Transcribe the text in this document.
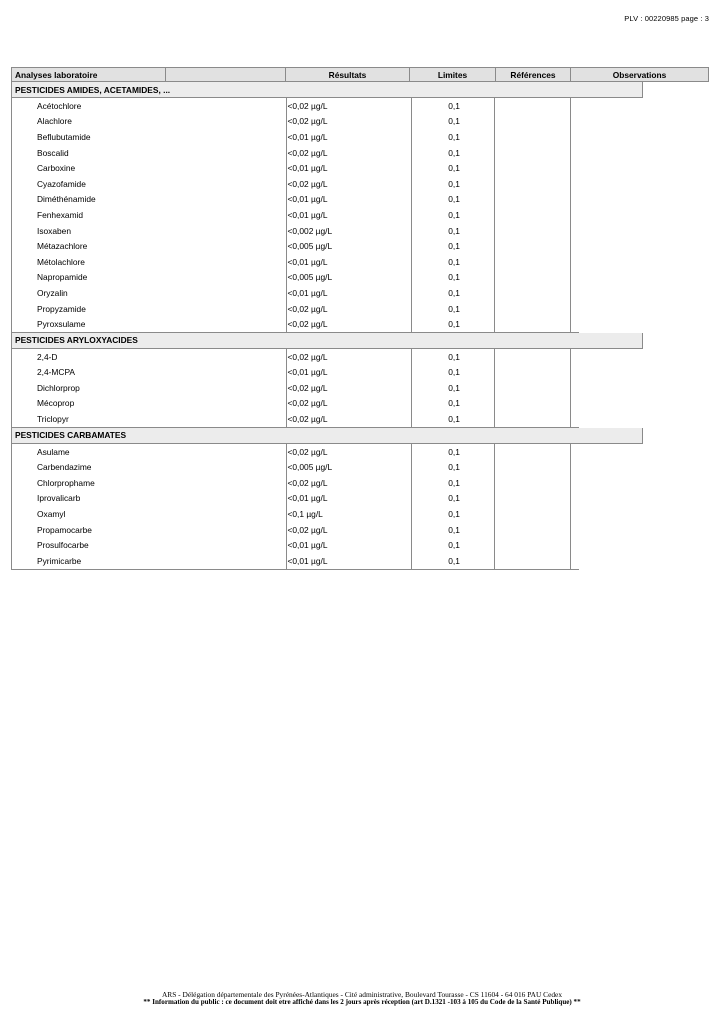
PLV : 00220985 page : 3
Analyses laboratoire	Résultats	Limites	Références	Observations
PESTICIDES AMIDES, ACETAMIDES, ...
Acétochlore	<0,02 µg/L	0,1
Alachlore	<0,02 µg/L	0,1
Beflubutamide	<0,01 µg/L	0,1
Boscalid	<0,02 µg/L	0,1
Carboxine	<0,01 µg/L	0,1
Cyazofamide	<0,02 µg/L	0,1
Diméthénamide	<0,01 µg/L	0,1
Fenhexamid	<0,01 µg/L	0,1
Isoxaben	<0,002 µg/L	0,1
Métazachlore	<0,005 µg/L	0,1
Métolachlore	<0,01 µg/L	0,1
Napropamide	<0,005 µg/L	0,1
Oryzalin	<0,01 µg/L	0,1
Propyzamide	<0,02 µg/L	0,1
Pyroxsulame	<0,02 µg/L	0,1
PESTICIDES ARYLOXYACIDES
2,4-D	<0,02 µg/L	0,1
2,4-MCPA	<0,01 µg/L	0,1
Dichlorprop	<0,02 µg/L	0,1
Mécoprop	<0,02 µg/L	0,1
Triclopyr	<0,02 µg/L	0,1
PESTICIDES CARBAMATES
Asulame	<0,02 µg/L	0,1
Carbendazime	<0,005 µg/L	0,1
Chlorprophame	<0,02 µg/L	0,1
Iprovalicarb	<0,01 µg/L	0,1
Oxamyl	<0,1 µg/L	0,1
Propamocarbe	<0,02 µg/L	0,1
Prosulfocarbe	<0,01 µg/L	0,1
Pyrimicarbe	<0,01 µg/L	0,1
ARS - Délégation départementale des Pyrénées-Atlantiques - Cité administrative, Boulevard Tourasse - CS 11604 - 64 016 PAU Cedex
** Information du public : ce document doit etre affiché dans les 2 jours après réception (art D.1321 -103 à 105 du Code de la Santé Publique) **
